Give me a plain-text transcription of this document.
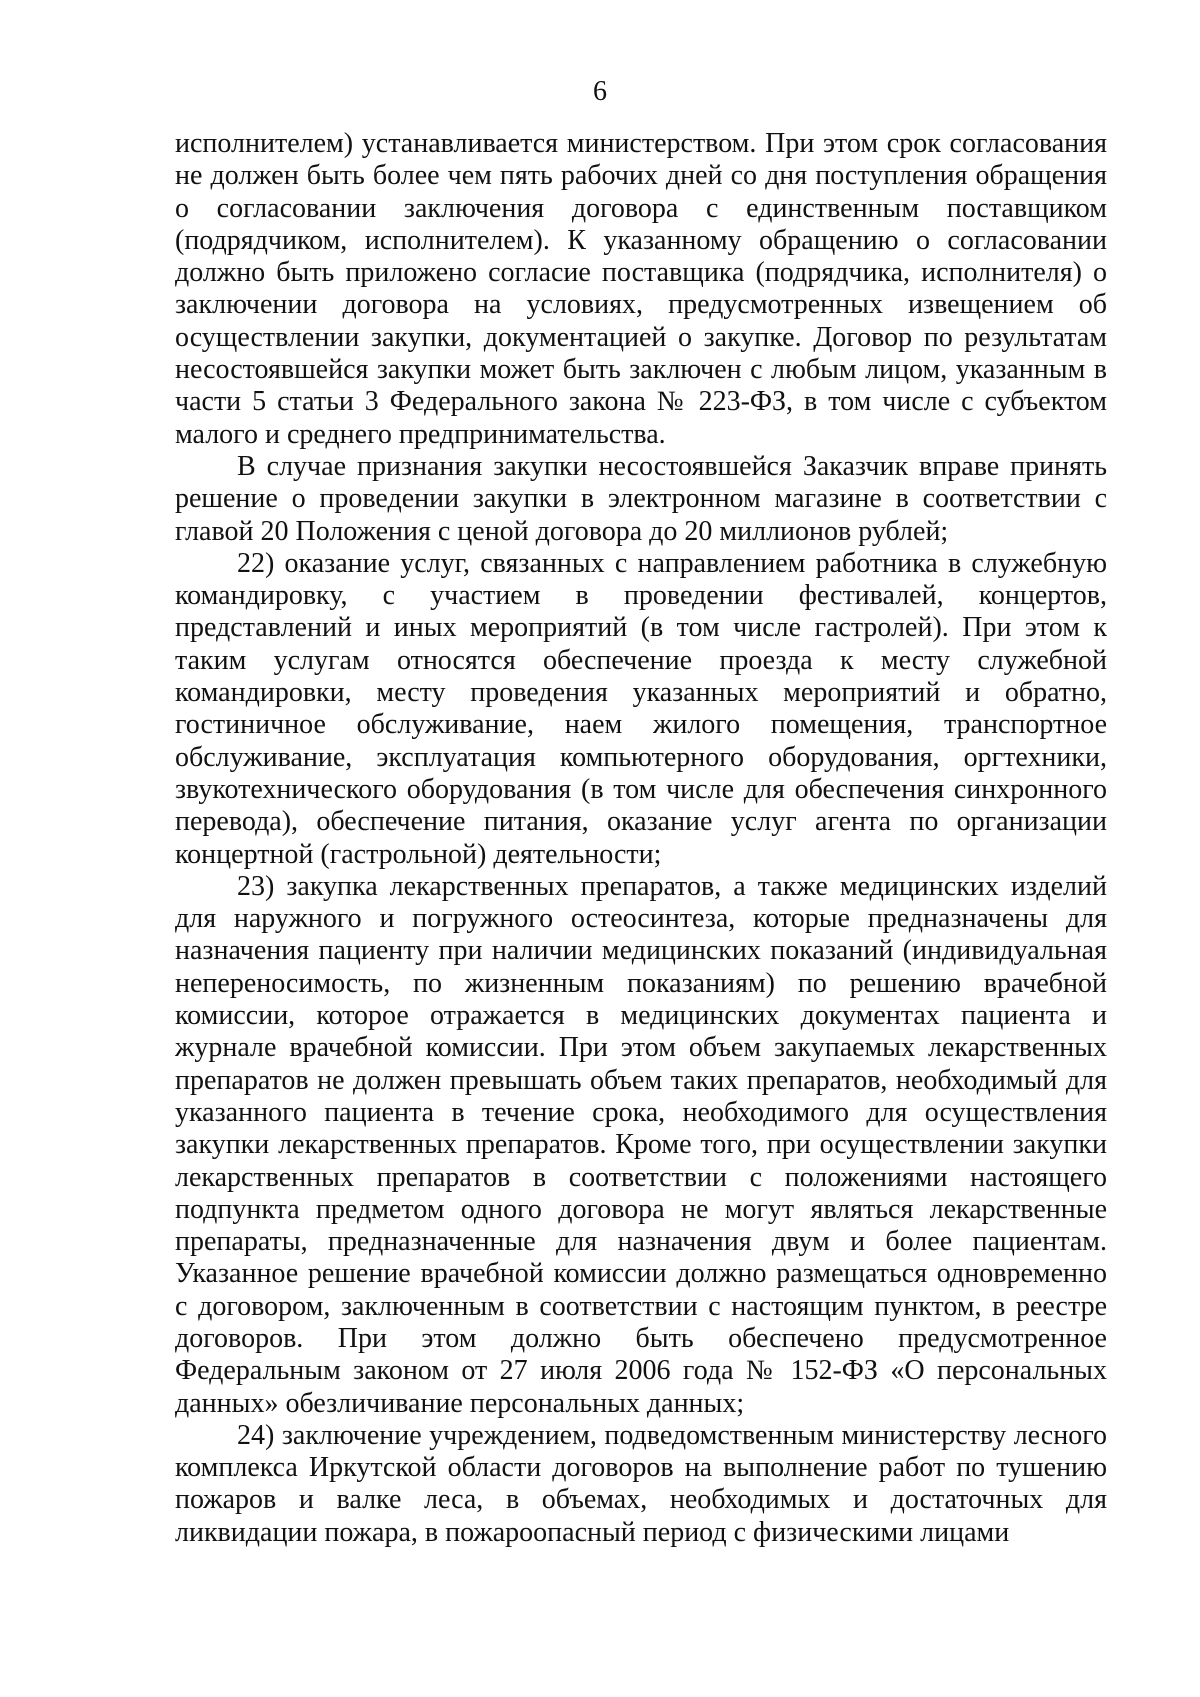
6

исполнителем) устанавливается министерством. При этом срок согласования не должен быть более чем пять рабочих дней со дня поступления обращения о согласовании заключения договора с единственным поставщиком (подрядчиком, исполнителем). К указанному обращению о согласовании должно быть приложено согласие поставщика (подрядчика, исполнителя) о заключении договора на условиях, предусмотренных извещением об осуществлении закупки, документацией о закупке. Договор по результатам несостоявшейся закупки может быть заключен с любым лицом, указанным в части 5 статьи 3 Федерального закона № 223-ФЗ, в том числе с субъектом малого и среднего предпринимательства.

В случае признания закупки несостоявшейся Заказчик вправе принять решение о проведении закупки в электронном магазине в соответствии с главой 20 Положения с ценой договора до 20 миллионов рублей;

22) оказание услуг, связанных с направлением работника в служебную командировку, с участием в проведении фестивалей, концертов, представлений и иных мероприятий (в том числе гастролей). При этом к таким услугам относятся обеспечение проезда к месту служебной командировки, месту проведения указанных мероприятий и обратно, гостиничное обслуживание, наем жилого помещения, транспортное обслуживание, эксплуатация компьютерного оборудования, оргтехники, звукотехнического оборудования (в том числе для обеспечения синхронного перевода), обеспечение питания, оказание услуг агента по организации концертной (гастрольной) деятельности;

23) закупка лекарственных препаратов, а также медицинских изделий для наружного и погружного остеосинтеза, которые предназначены для назначения пациенту при наличии медицинских показаний (индивидуальная непереносимость, по жизненным показаниям) по решению врачебной комиссии, которое отражается в медицинских документах пациента и журнале врачебной комиссии. При этом объем закупаемых лекарственных препаратов не должен превышать объем таких препаратов, необходимый для указанного пациента в течение срока, необходимого для осуществления закупки лекарственных препаратов. Кроме того, при осуществлении закупки лекарственных препаратов в соответствии с положениями настоящего подпункта предметом одного договора не могут являться лекарственные препараты, предназначенные для назначения двум и более пациентам. Указанное решение врачебной комиссии должно размещаться одновременно с договором, заключенным в соответствии с настоящим пунктом, в реестре договоров. При этом должно быть обеспечено предусмотренное Федеральным законом от 27 июля 2006 года № 152-ФЗ «О персональных данных» обезличивание персональных данных;

24) заключение учреждением, подведомственным министерству лесного комплекса Иркутской области договоров на выполнение работ по тушению пожаров и валке леса, в объемах, необходимых и достаточных для ликвидации пожара, в пожароопасный период с физическими лицами
